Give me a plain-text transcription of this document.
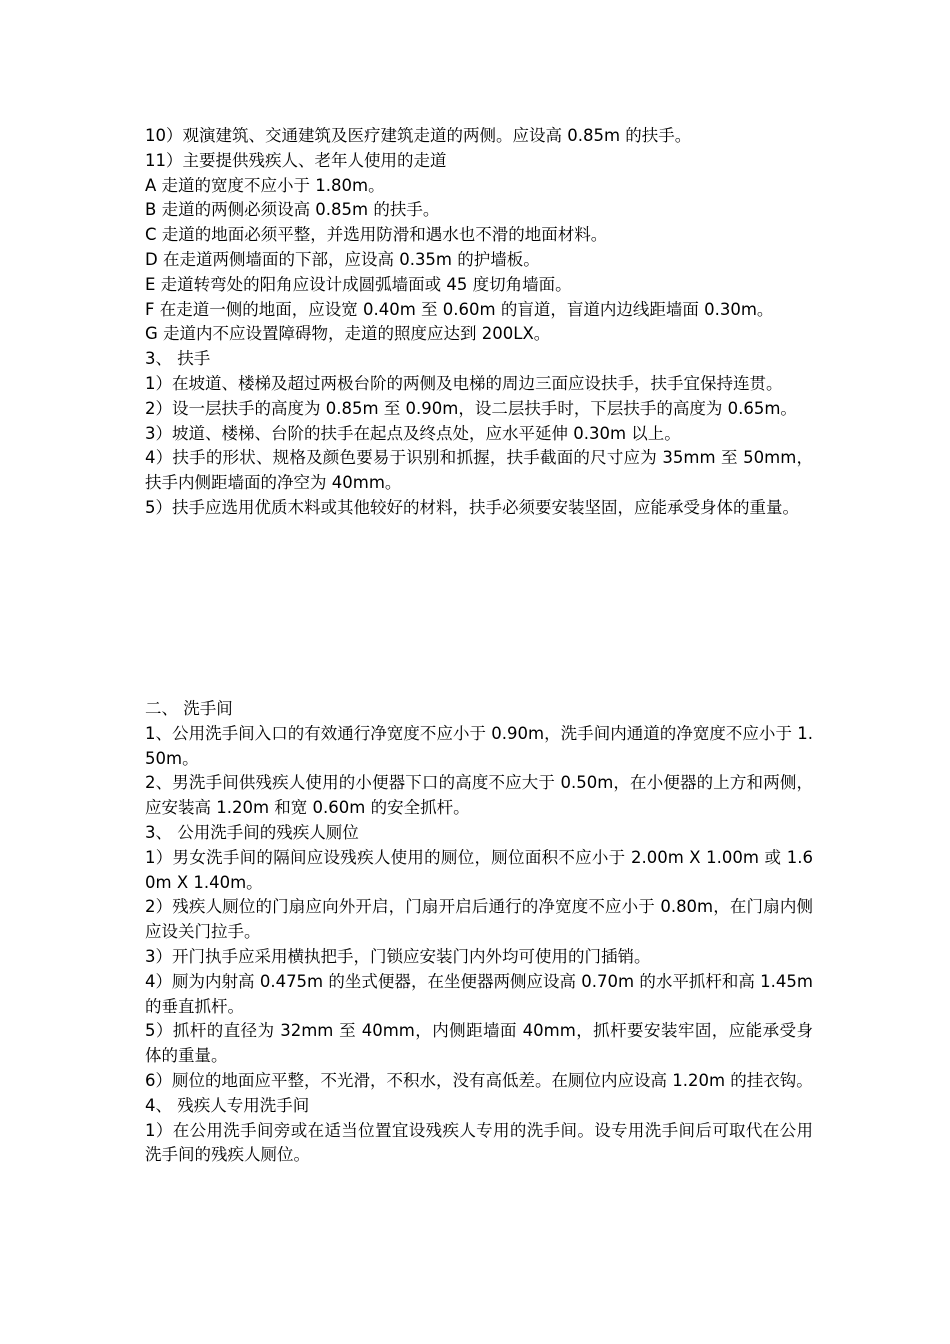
10）观演建筑、交通建筑及医疗建筑走道的两侧。应设高 0.85m 的扶手。

11）主要提供残疾人、老年人使用的走道

A 走道的宽度不应小于 1.80m。

B 走道的两侧必须设高 0.85m 的扶手。

C 走道的地面必须平整，并选用防滑和遇水也不滑的地面材料。

D 在走道两侧墙面的下部，应设高 0.35m 的护墙板。

E 走道转弯处的阳角应设计成圆弧墙面或 45 度切角墙面。

F 在走道一侧的地面，应设宽 0.40m 至 0.60m 的盲道，盲道内边线距墙面 0.30m。

G 走道内不应设置障碍物，走道的照度应达到 200LX。

3、 扶手

1）在坡道、楼梯及超过两极台阶的两侧及电梯的周边三面应设扶手，扶手宜保持连贯。

2）设一层扶手的高度为 0.85m 至 0.90m，设二层扶手时，下层扶手的高度为 0.65m。

3）坡道、楼梯、台阶的扶手在起点及终点处，应水平延伸 0.30m 以上。

4）扶手的形状、规格及颜色要易于识别和抓握，扶手截面的尺寸应为 35mm 至 50mm，扶手内侧距墙面的净空为 40mm。

5）扶手应选用优质木料或其他较好的材料，扶手必须要安装坚固，应能承受身体的重量。

二、 洗手间

1、公用洗手间入口的有效通行净宽度不应小于 0.90m，洗手间内通道的净宽度不应小于 1.50m。

2、男洗手间供残疾人使用的小便器下口的高度不应大于 0.50m，在小便器的上方和两侧，应安装高 1.20m 和宽 0.60m 的安全抓杆。

3、 公用洗手间的残疾人厕位

1）男女洗手间的隔间应设残疾人使用的厕位，厕位面积不应小于 2.00m X 1.00m 或 1.60m X 1.40m。

2）残疾人厕位的门扇应向外开启，门扇开启后通行的净宽度不应小于 0.80m，在门扇内侧应设关门拉手。

3）开门执手应采用横执把手，门锁应安装门内外均可使用的门插销。

4）厕为内射高 0.475m 的坐式便器，在坐便器两侧应设高 0.70m 的水平抓杆和高 1.45m 的垂直抓杆。

5）抓杆的直径为 32mm 至 40mm，内侧距墙面 40mm，抓杆要安装牢固，应能承受身体的重量。

6）厕位的地面应平整，不光滑，不积水，没有高低差。在厕位内应设高 1.20m 的挂衣钩。

4、 残疾人专用洗手间

1）在公用洗手间旁或在适当位置宜设残疾人专用的洗手间。设专用洗手间后可取代在公用洗手间的残疾人厕位。
